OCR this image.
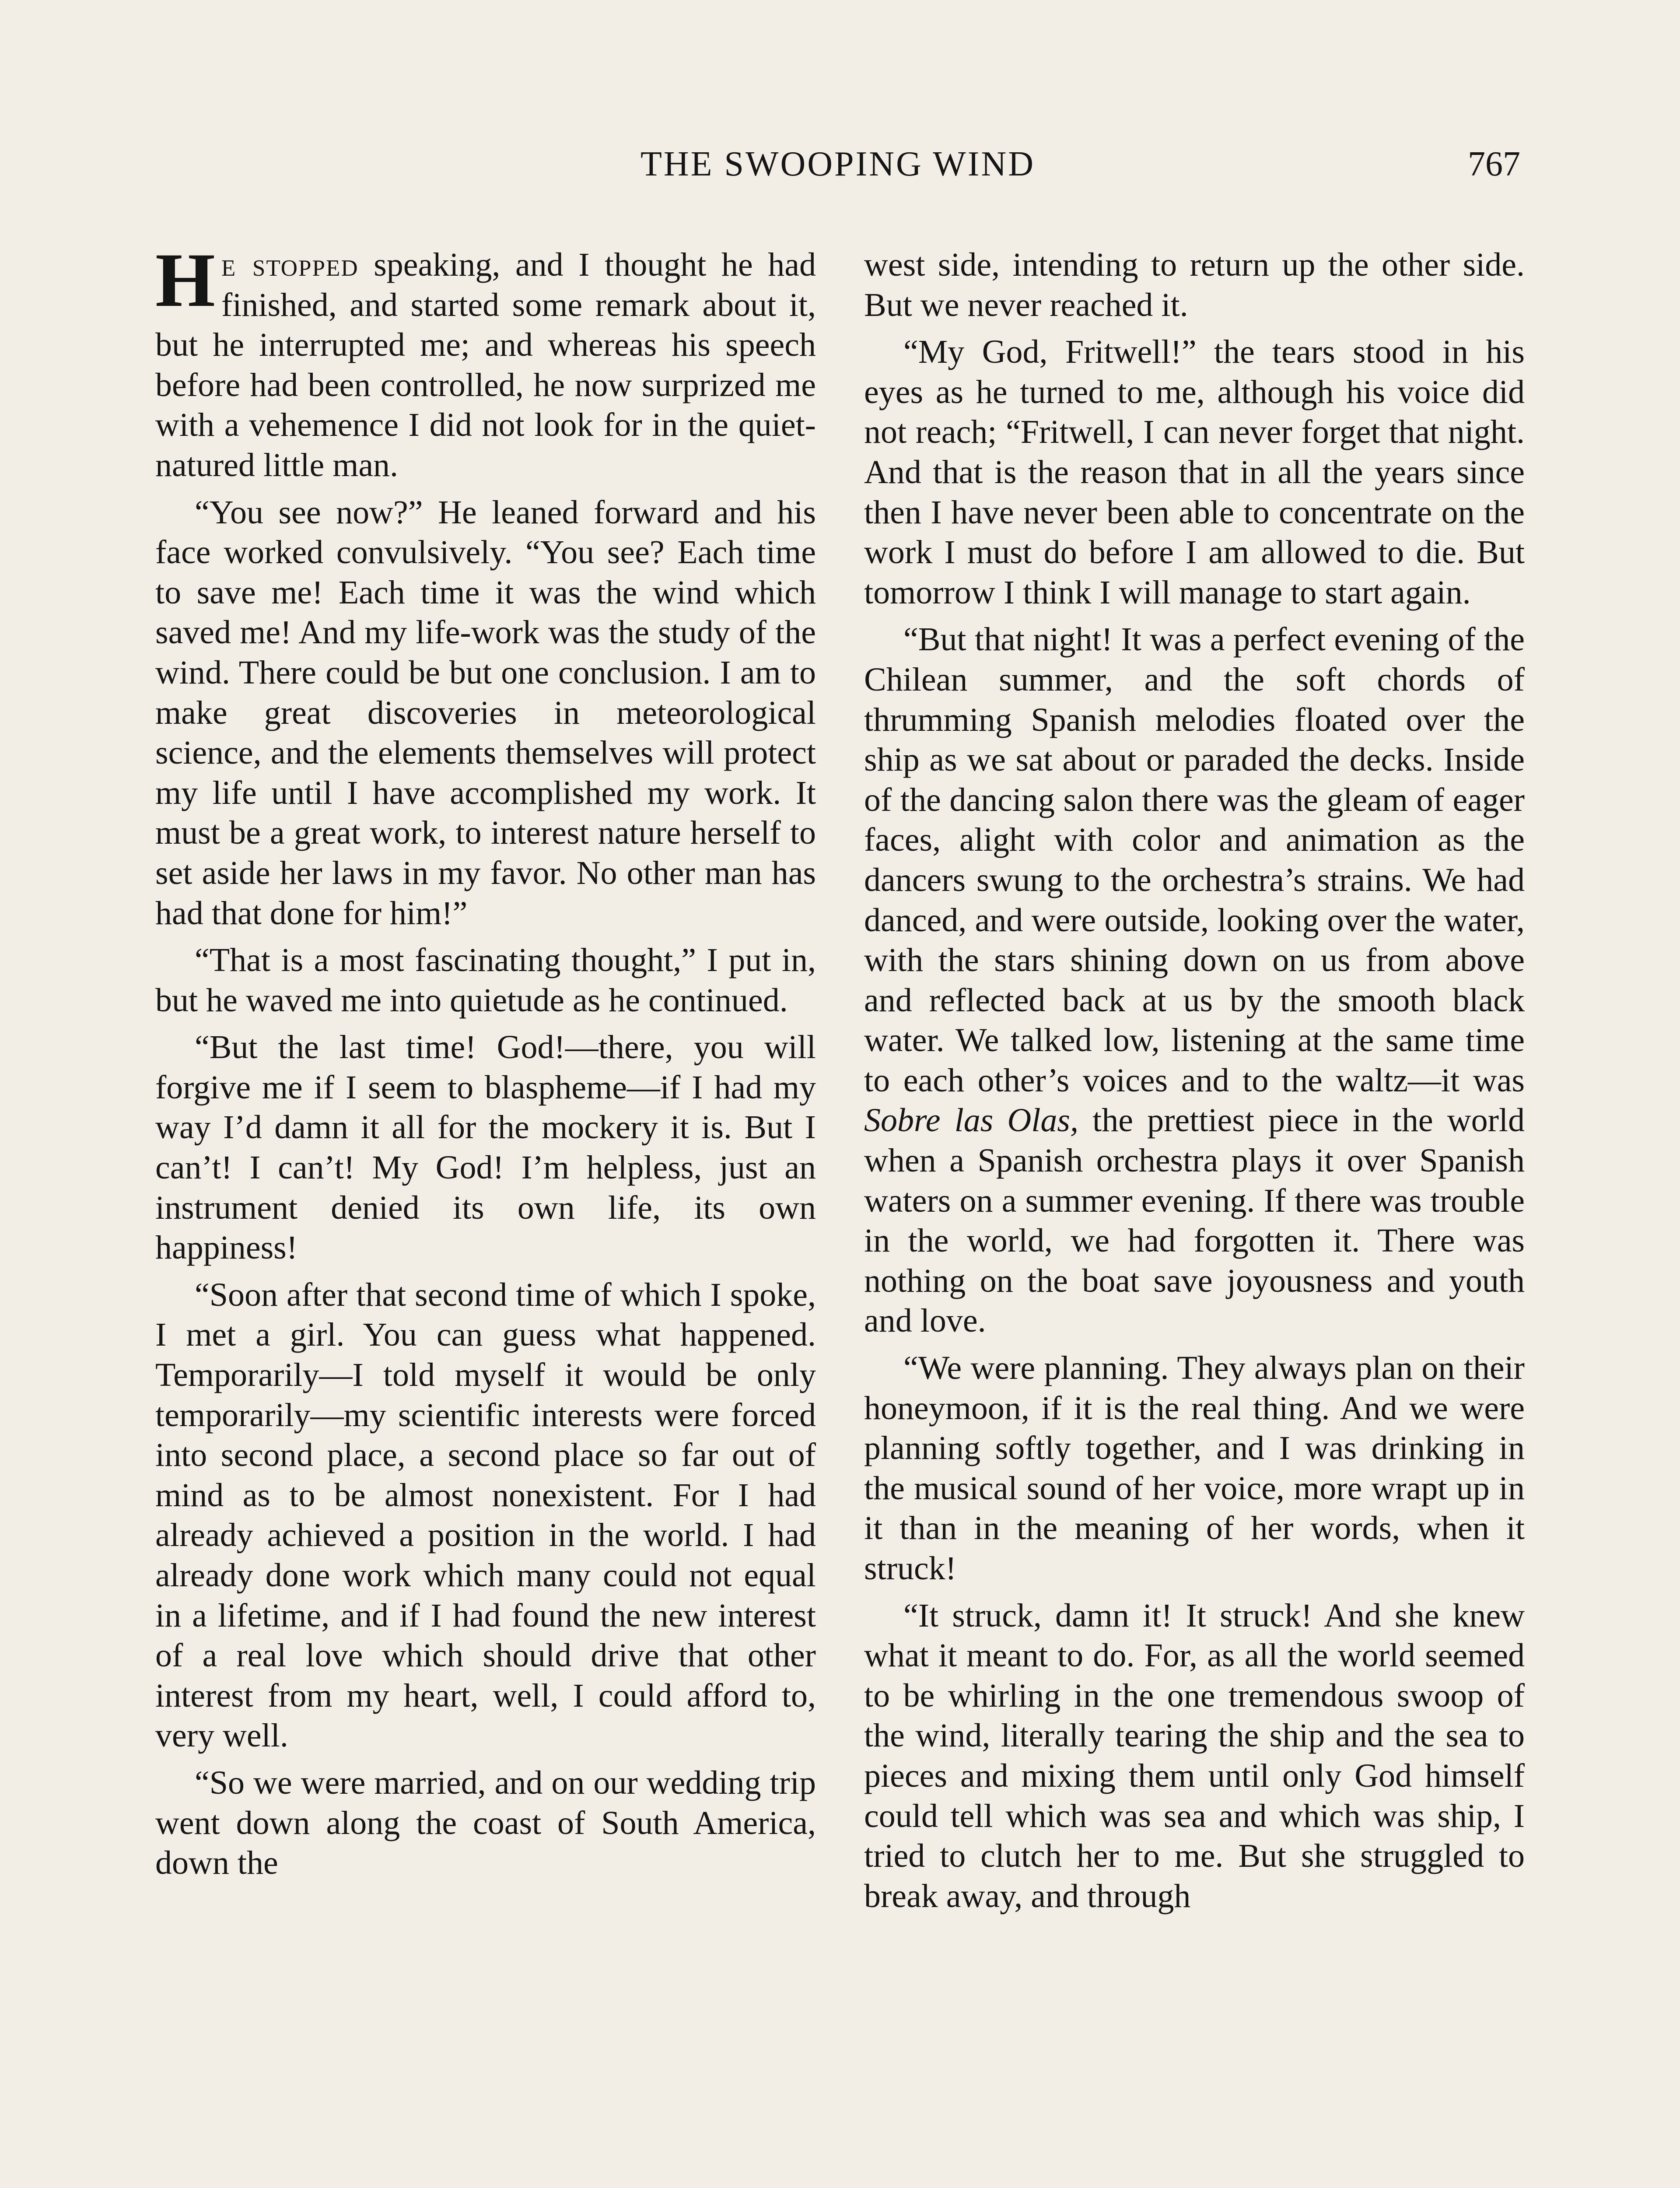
THE SWOOPING WIND	767

He stopped speaking, and I thought he had finished, and started some remark about it, but he interrupted me; and whereas his speech before had been controlled, he now surprized me with a vehemence I did not look for in the quiet-natured little man.

“You see now?” He leaned forward and his face worked convulsively. “You see? Each time to save me! Each time it was the wind which saved me! And my life-work was the study of the wind. There could be but one conclusion. I am to make great discoveries in meteorological science, and the elements themselves will protect my life until I have accomplished my work. It must be a great work, to interest nature herself to set aside her laws in my favor. No other man has had that done for him!”

“That is a most fascinating thought,” I put in, but he waved me into quietude as he continued.

“But the last time! God!—there, you will forgive me if I seem to blaspheme—if I had my way I’d damn it all for the mockery it is. But I can’t! I can’t! My God! I’m helpless, just an instrument denied its own life, its own happiness!

“Soon after that second time of which I spoke, I met a girl. You can guess what happened. Temporarily—I told myself it would be only temporarily—my scientific interests were forced into second place, a second place so far out of mind as to be almost nonexistent. For I had already achieved a position in the world. I had already done work which many could not equal in a lifetime, and if I had found the new interest of a real love which should drive that other interest from my heart, well, I could afford to, very well.

“So we were married, and on our wedding trip went down along the coast of South America, down the

west side, intending to return up the other side. But we never reached it.

“My God, Fritwell!” the tears stood in his eyes as he turned to me, although his voice did not reach; “Fritwell, I can never forget that night. And that is the reason that in all the years since then I have never been able to concentrate on the work I must do before I am allowed to die. But tomorrow I think I will manage to start again.

“But that night! It was a perfect evening of the Chilean summer, and the soft chords of thrumming Spanish melodies floated over the ship as we sat about or paraded the decks. Inside of the dancing salon there was the gleam of eager faces, alight with color and animation as the dancers swung to the orchestra’s strains. We had danced, and were outside, looking over the water, with the stars shining down on us from above and reflected back at us by the smooth black water. We talked low, listening at the same time to each other’s voices and to the waltz—it was Sobre las Olas, the prettiest piece in the world when a Spanish orchestra plays it over Spanish waters on a summer evening. If there was trouble in the world, we had forgotten it. There was nothing on the boat save joyousness and youth and love.

“We were planning. They always plan on their honeymoon, if it is the real thing. And we were planning softly together, and I was drinking in the musical sound of her voice, more wrapt up in it than in the meaning of her words, when it struck!

“It struck, damn it! It struck! And she knew what it meant to do. For, as all the world seemed to be whirling in the one tremendous swoop of the wind, literally tearing the ship and the sea to pieces and mixing them until only God himself could tell which was sea and which was ship, I tried to clutch her to me. But she struggled to break away, and through
